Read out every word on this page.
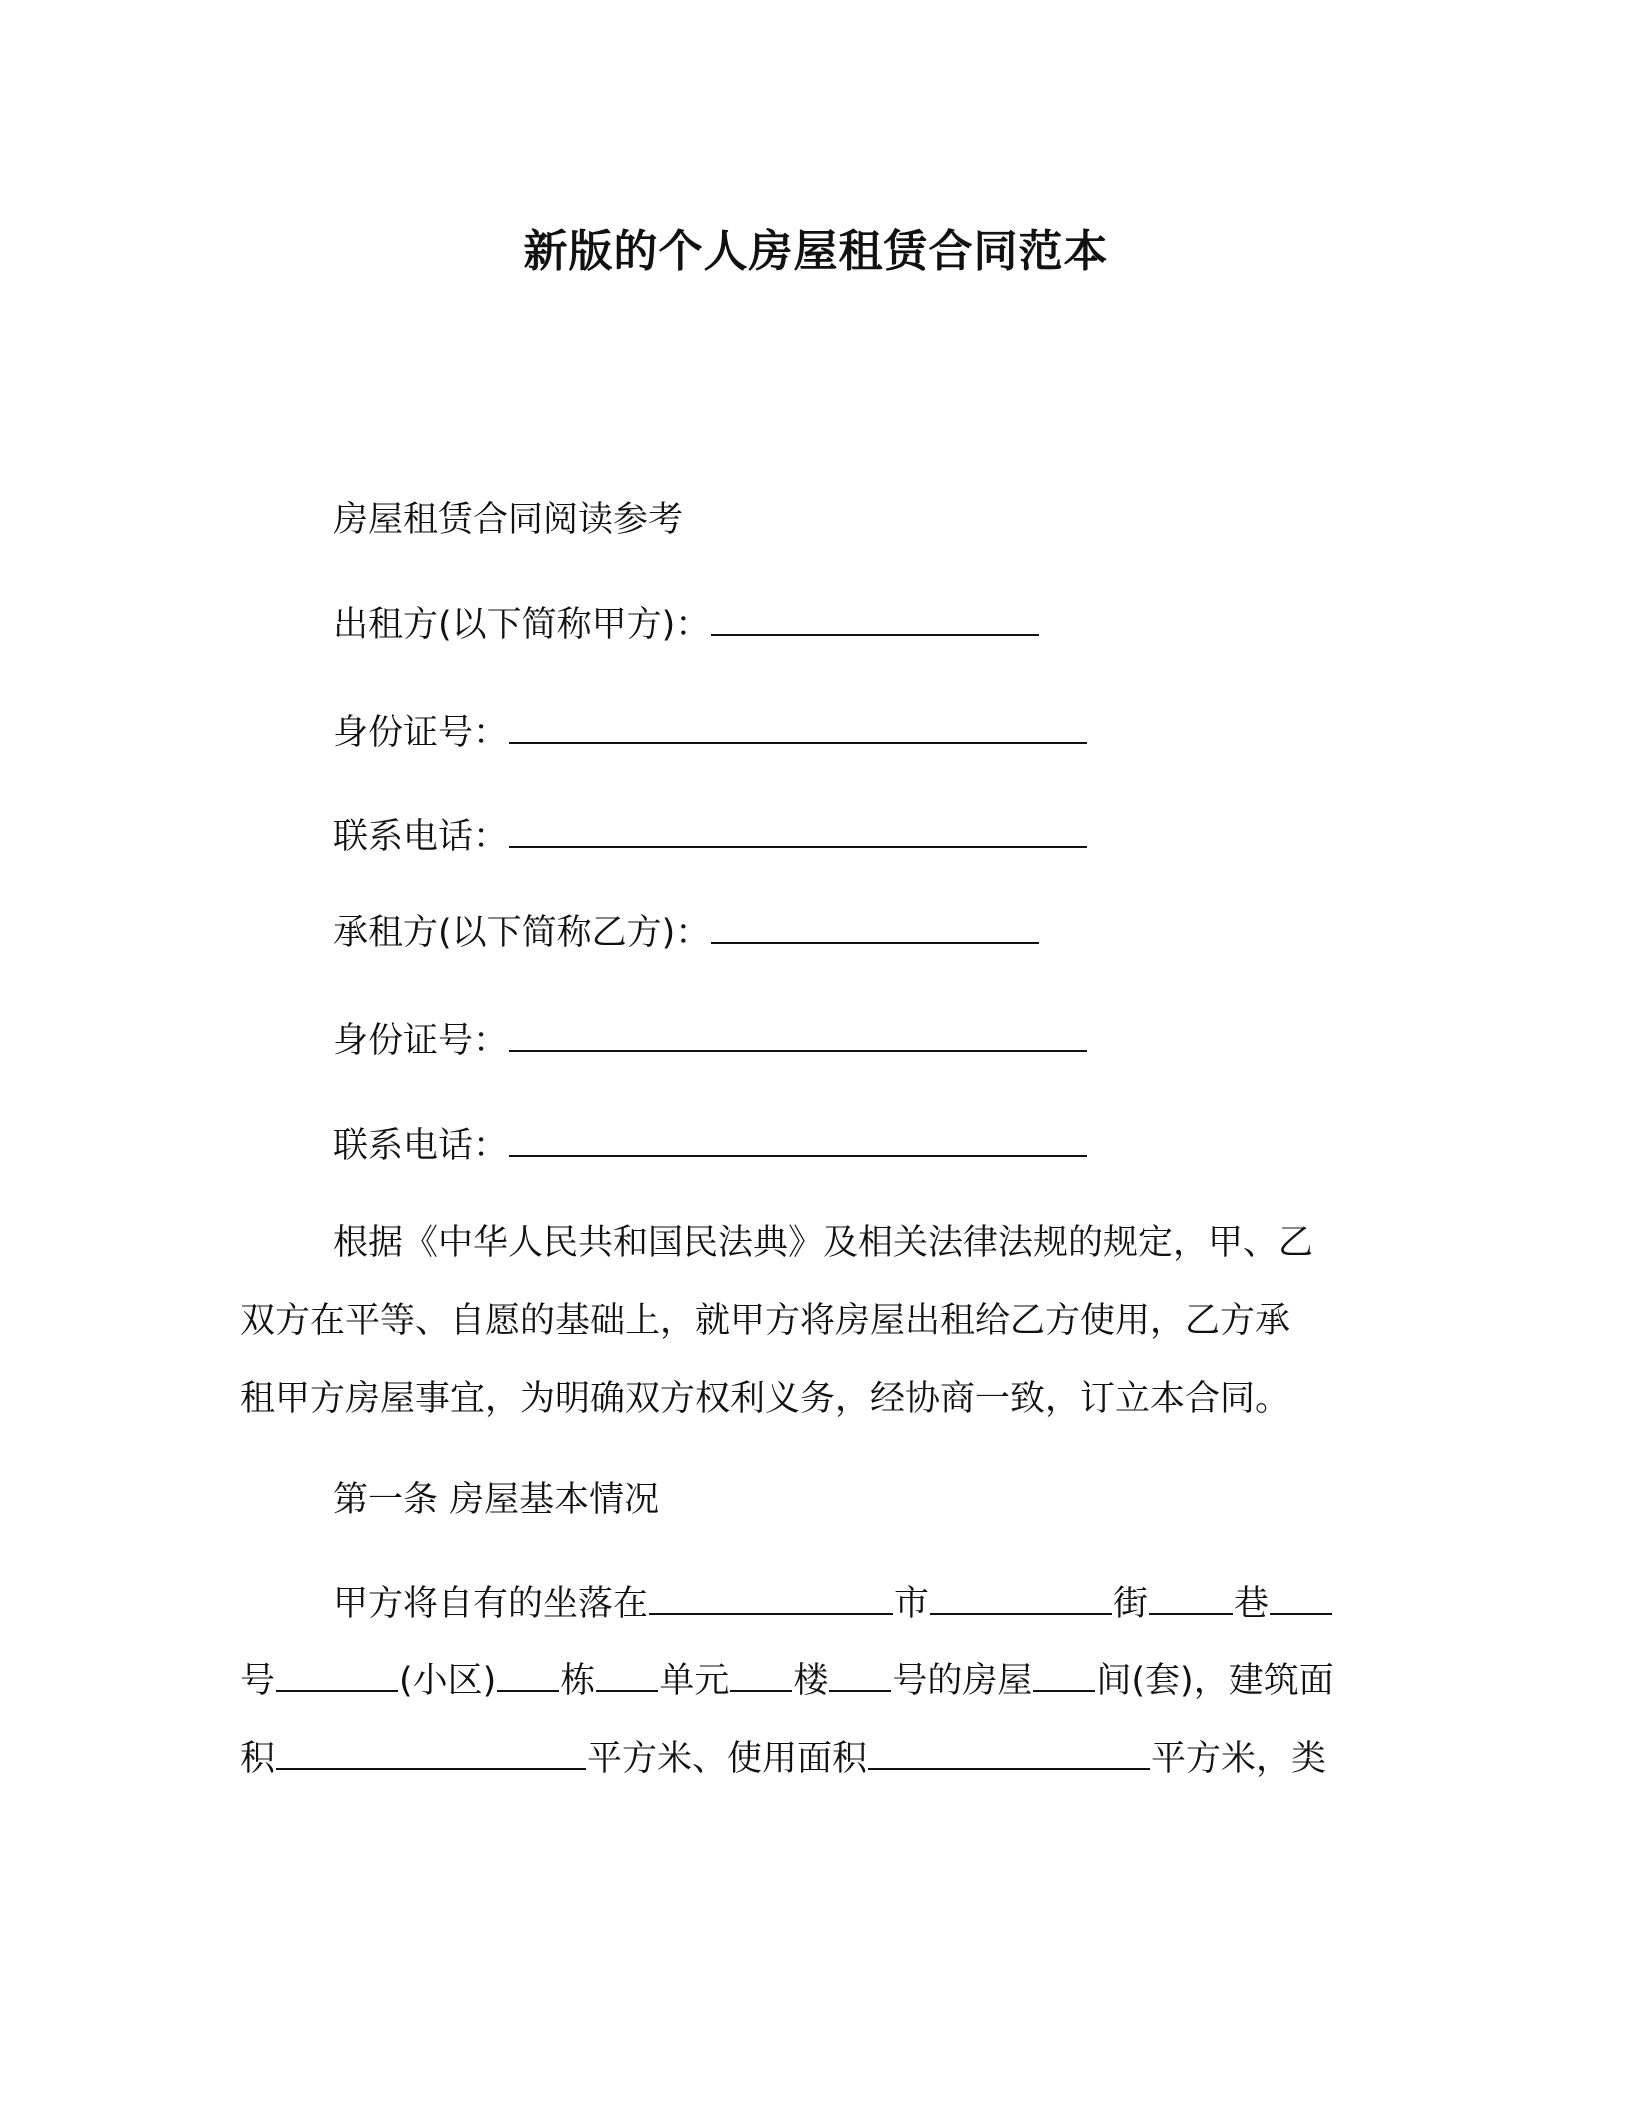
新版的个人房屋租赁合同范本
房屋租赁合同阅读参考
出租方(以下简称甲方)：
身份证号：
联系电话：
承租方(以下简称乙方)：
身份证号：
联系电话：
根据《中华人民共和国民法典》及相关法律法规的规定，甲、乙
双方在平等、自愿的基础上，就甲方将房屋出租给乙方使用，乙方承
租甲方房屋事宜，为明确双方权利义务，经协商一致，订立本合同。
第一条 房屋基本情况
甲方将自有的坐落在	市	街 巷
号	(小区) 栋 单元 楼 号的房屋 间(套)，建筑面
积	平方米、使用面积	平方米，类
